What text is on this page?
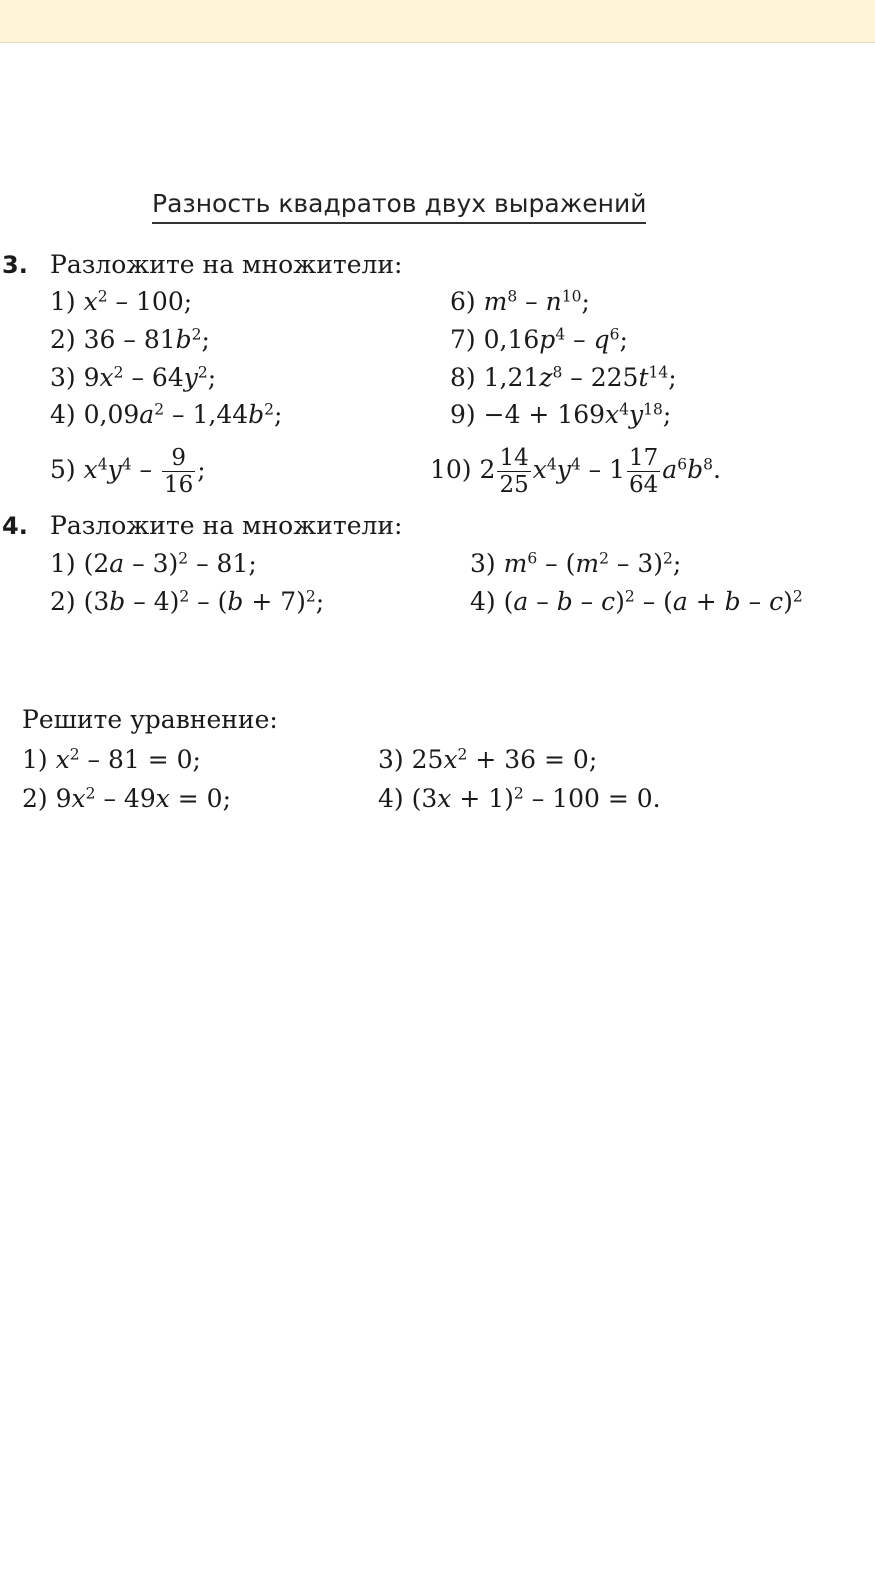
Разность квадратов двух выражений
3. Разложите на множители:
1) $x^2 - 100$;
2) $36 - 81b^2$;
3) $9x^2 - 64y^2$;
4) $0,09a^2 - 1,44b^2$;
5) $x^4y^4 - \frac{9}{16}$ ;
6) $m^8 - n^{10}$;
7) $0,16p^4 - q^6$;
8) $1,21z^8 - 225t^{14}$;
$9) -4 + 169x^4y^{18}$;
10) $2 \frac{14}{25} x^4y^4 - 1 \frac{17}{64} a^6b^8$.
4. Разложите на множители:
1) (2a – 3)$^2$ – 81;
2) $(3b - 4)^2 - (b + 7)^2$;
3) $m^6 - (m^2 - 3)^2$;
4) $(a - b - c)^2 - (a + b - c)^2$
Решите уравнение:
1) $x^2 - 81 = 0$;
2) $9x^2 - 49x = 0$;
3) $25x^2 + 36 = 0$;
4) $(3x + 1)^2 - 100 = 0$.
